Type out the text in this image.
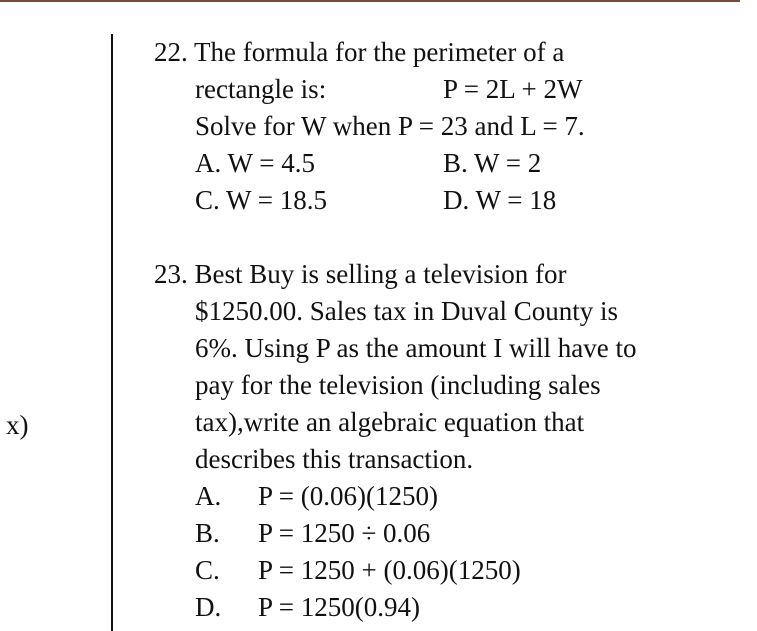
x)
22. The formula for the perimeter of a
rectangle is:	P = 2L + 2W
Solve for W when P = 23 and L = 7.
A. W = 4.5	B. W = 2
C. W = 18.5	D. W = 18
23. Best Buy is selling a television for
$1250.00. Sales tax in Duval County is
6%. Using P as the amount I will have to
pay for the television (including sales
tax),write an algebraic equation that
describes this transaction.
A. P = (0.06)(1250)
B. P = 1250 ÷ 0.06
C. P = 1250 + (0.06)(1250)
D. P = 1250(0.94)
